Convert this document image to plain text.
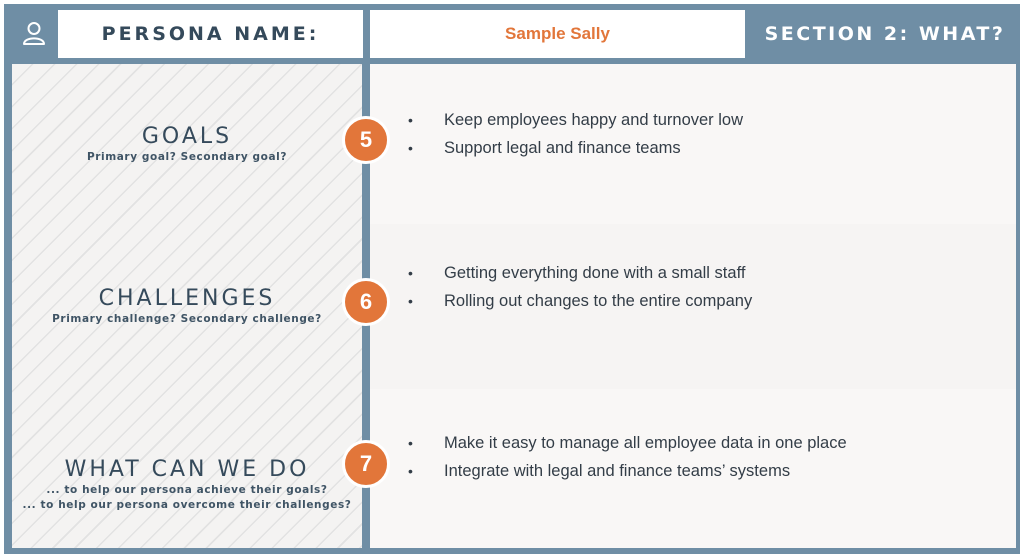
PERSONA NAME:	Sample Sally	SECTION 2: WHAT?
GOALS
Primary goal? Secondary goal?
CHALLENGES
Primary challenge? Secondary challenge?
WHAT CAN WE DO
... to help our persona achieve their goals?
... to help our persona overcome their challenges?
• Keep employees happy and turnover low
• Support legal and finance teams
• Getting everything done with a small staff
• Rolling out changes to the entire company
• Make it easy to manage all employee data in one place
• Integrate with legal and finance teams’ systems
5
6
7
